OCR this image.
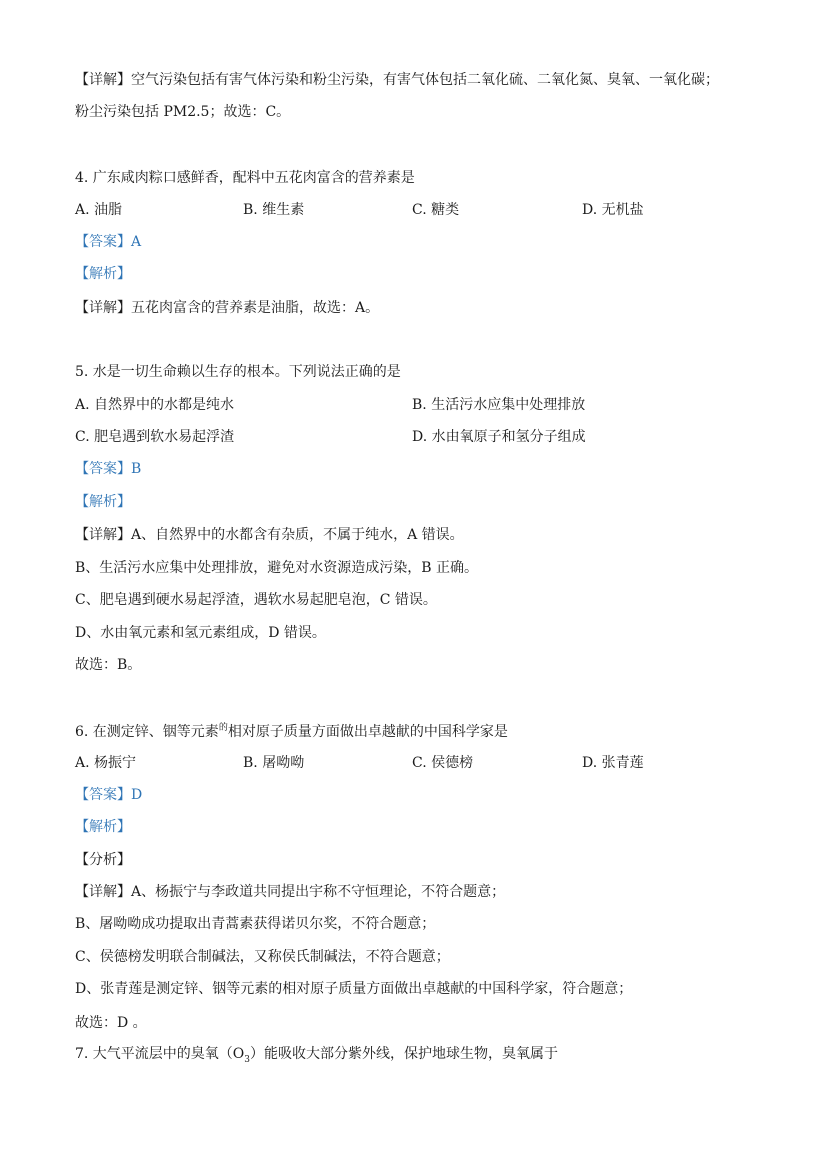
【详解】空气污染包括有害气体污染和粉尘污染，有害气体包括二氧化硫、二氧化氮、臭氧、一氧化碳；
粉尘污染包括 PM2.5；故选：C。
4. 广东咸肉粽口感鲜香，配料中五花肉富含的营养素是
A. 油脂	B. 维生素	C. 糖类	D. 无机盐
【答案】A
【解析】
【详解】五花肉富含的营养素是油脂，故选：A。
5. 水是一切生命赖以生存的根本。下列说法正确的是
A. 自然界中的水都是纯水	B. 生活污水应集中处理排放
C. 肥皂遇到软水易起浮渣	D. 水由氧原子和氢分子组成
【答案】B
【解析】
【详解】A、自然界中的水都含有杂质，不属于纯水，A 错误。
B、生活污水应集中处理排放，避免对水资源造成污染，B 正确。
C、肥皂遇到硬水易起浮渣，遇软水易起肥皂泡，C 错误。
D、水由氧元素和氢元素组成，D 错误。
故选：B。
6. 在测定锌、铟等元素$^的$相对原子质量方面做出卓越献的中国科学家是
A. 杨振宁	B. 屠呦呦	C. 侯德榜	D. 张青莲
【答案】D
【解析】
【分析】
【详解】A、杨振宁与李政道共同提出宇称不守恒理论，不符合题意；
B、屠呦呦成功提取出青蒿素获得诺贝尔奖，不符合题意；
C、侯德榜发明联合制碱法，又称侯氏制碱法，不符合题意；
D、张青莲是测定锌、铟等元素的相对原子质量方面做出卓越献的中国科学家，符合题意；
故选：D 。
7. 大气平流层中的臭氧$(O_3)$能吸收大部分紫外线，保护地球生物，臭氧属于
